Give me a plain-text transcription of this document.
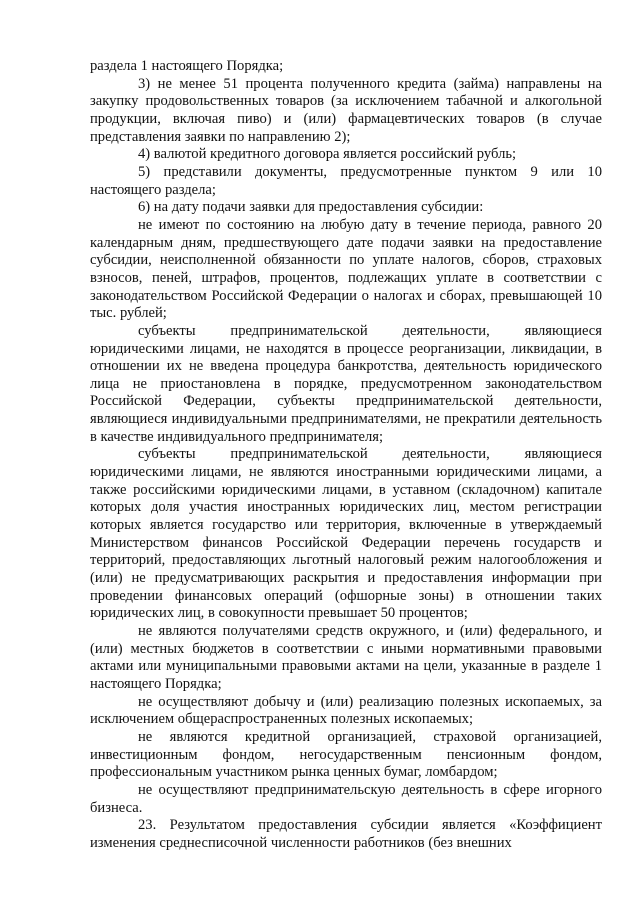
раздела 1 настоящего Порядка;

3) не менее 51 процента полученного кредита (займа) направлены на закупку продовольственных товаров (за исключением табачной и алкогольной продукции, включая пиво) и (или) фармацевтических товаров (в случае представления заявки по направлению 2);

4) валютой кредитного договора является российский рубль;

5) представили документы, предусмотренные пунктом 9 или 10 настоящего раздела;

6) на дату подачи заявки для предоставления субсидии:

не имеют по состоянию на любую дату в течение периода, равного 20 календарным дням, предшествующего дате подачи заявки на предоставление субсидии, неисполненной обязанности по уплате налогов, сборов, страховых взносов, пеней, штрафов, процентов, подлежащих уплате в соответствии с законодательством Российской Федерации о налогах и сборах, превышающей 10 тыс. рублей;

субъекты предпринимательской деятельности, являющиеся юридическими лицами, не находятся в процессе реорганизации, ликвидации, в отношении их не введена процедура банкротства, деятельность юридического лица не приостановлена в порядке, предусмотренном законодательством Российской Федерации, субъекты предпринимательской деятельности, являющиеся индивидуальными предпринимателями, не прекратили деятельность в качестве индивидуального предпринимателя;

субъекты предпринимательской деятельности, являющиеся юридическими лицами, не являются иностранными юридическими лицами, а также российскими юридическими лицами, в уставном (складочном) капитале которых доля участия иностранных юридических лиц, местом регистрации которых является государство или территория, включенные в утверждаемый Министерством финансов Российской Федерации перечень государств и территорий, предоставляющих льготный налоговый режим налогообложения и (или) не предусматривающих раскрытия и предоставления информации при проведении финансовых операций (офшорные зоны) в отношении таких юридических лиц, в совокупности превышает 50 процентов;

не являются получателями средств окружного, и (или) федерального, и (или) местных бюджетов в соответствии с иными нормативными правовыми актами или муниципальными правовыми актами на цели, указанные в разделе 1 настоящего Порядка;

не осуществляют добычу и (или) реализацию полезных ископаемых, за исключением общераспространенных полезных ископаемых;

не являются кредитной организацией, страховой организацией, инвестиционным фондом, негосударственным пенсионным фондом, профессиональным участником рынка ценных бумаг, ломбардом;

не осуществляют предпринимательскую деятельность в сфере игорного бизнеса.

23. Результатом предоставления субсидии является «Коэффициент изменения среднесписочной численности работников (без внешних
